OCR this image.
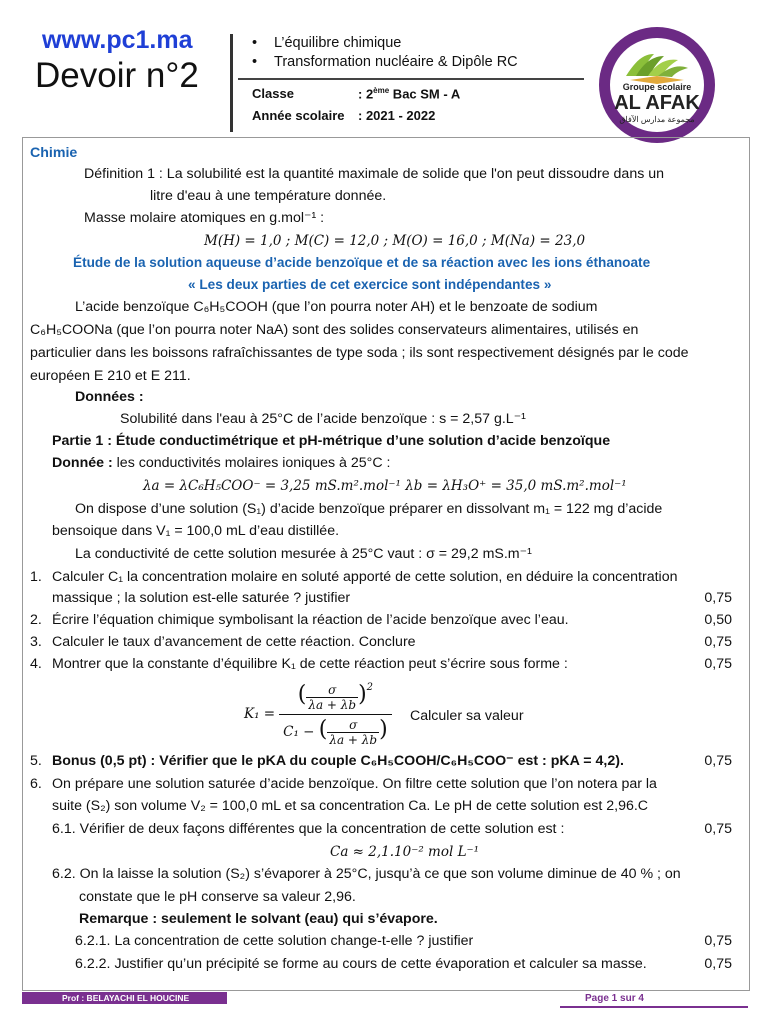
www.pc1.ma
Devoir n°2
• L’équilibre chimique
• Transformation nucléaire & Dipôle RC
Classe	: 2ème Bac SM - A
Année scolaire : 2021 - 2022
Groupe scolaire
AL AFAK
مجموعة مدارس الآفاق
Chimie
Définition 1 : La solubilité est la quantité maximale de solide que l'on peut dissoudre dans un
litre d'eau à une température donnée.
Masse molaire atomiques en g.mol⁻¹ :
M(H) = 1,0 ; M(C) = 12,0 ; M(O) = 16,0 ; M(Na) = 23,0
Étude de la solution aqueuse d’acide benzoïque et de sa réaction avec les ions éthanoate
« Les deux parties de cet exercice sont indépendantes »
L’acide benzoïque C₆H₅COOH (que l’on pourra noter AH) et le benzoate de sodium
C₆H₅COONa (que l’on pourra noter NaA) sont des solides conservateurs alimentaires, utilisés en
particulier dans les boissons rafraîchissantes de type soda ; ils sont respectivement désignés par le code
européen E 210 et E 211.
Données :
Solubilité dans l'eau à 25°C de l’acide benzoïque : s = 2,57 g.L⁻¹
Partie 1 : Étude conductimétrique et pH-métrique d’une solution d’acide benzoïque
Donnée : les conductivités molaires ioniques à 25°C :
λa = λC₆H₅COO⁻ = 3,25 mS.m².mol⁻¹ λb = λH₃O⁺ = 35,0 mS.m².mol⁻¹
On dispose d’une solution (S₁) d’acide benzoïque préparer en dissolvant m₁ = 122 mg d’acide
bensoique dans V₁ = 100,0 mL d’eau distillée.
La conductivité de cette solution mesurée à 25°C vaut : σ = 29,2 mS.m⁻¹
1. Calculer C₁ la concentration molaire en soluté apporté de cette solution, en déduire la concentration
massique ; la solution est-elle saturée ? justifier	0,75
2. Écrire l’équation chimique symbolisant la réaction de l’acide benzoïque avec l’eau.	0,50
3. Calculer le taux d’avancement de cette réaction. Conclure	0,75
4. Montrer que la constante d’équilibre K₁ de cette réaction peut s’écrire sous forme :	0,75
$K_1 = \frac{( \frac{\sigma}{\lambda a + \lambda b} )^2}{C_1 - ( \frac{\sigma}{\lambda a + \lambda b} )}$ Calculer sa valeur
5. Bonus (0,5 pt) : Vérifier que le pKA du couple C₆H₅COOH/C₆H₅COO⁻ est : pKA = 4,2).	0,75
6. On prépare une solution saturée d’acide benzoïque. On filtre cette solution que l’on notera par la
suite (S₂) son volume V₂ = 100,0 mL et sa concentration Ca. Le pH de cette solution est 2,96.C
6.1. Vérifier de deux façons différentes que la concentration de cette solution est :	0,75
Ca ≈ 2,1.10⁻² mol L⁻¹
6.2. On la laisse la solution (S₂) s’évaporer à 25°C, jusqu’à ce que son volume diminue de 40 % ; on
constate que le pH conserve sa valeur 2,96.
Remarque : seulement le solvant (eau) qui s’évapore.
6.2.1. La concentration de cette solution change-t-elle ? justifier	0,75
6.2.2. Justifier qu’un précipité se forme au cours de cette évaporation et calculer sa masse.	0,75
Prof : BELAYACHI EL HOUCINE	Page 1 sur 4
